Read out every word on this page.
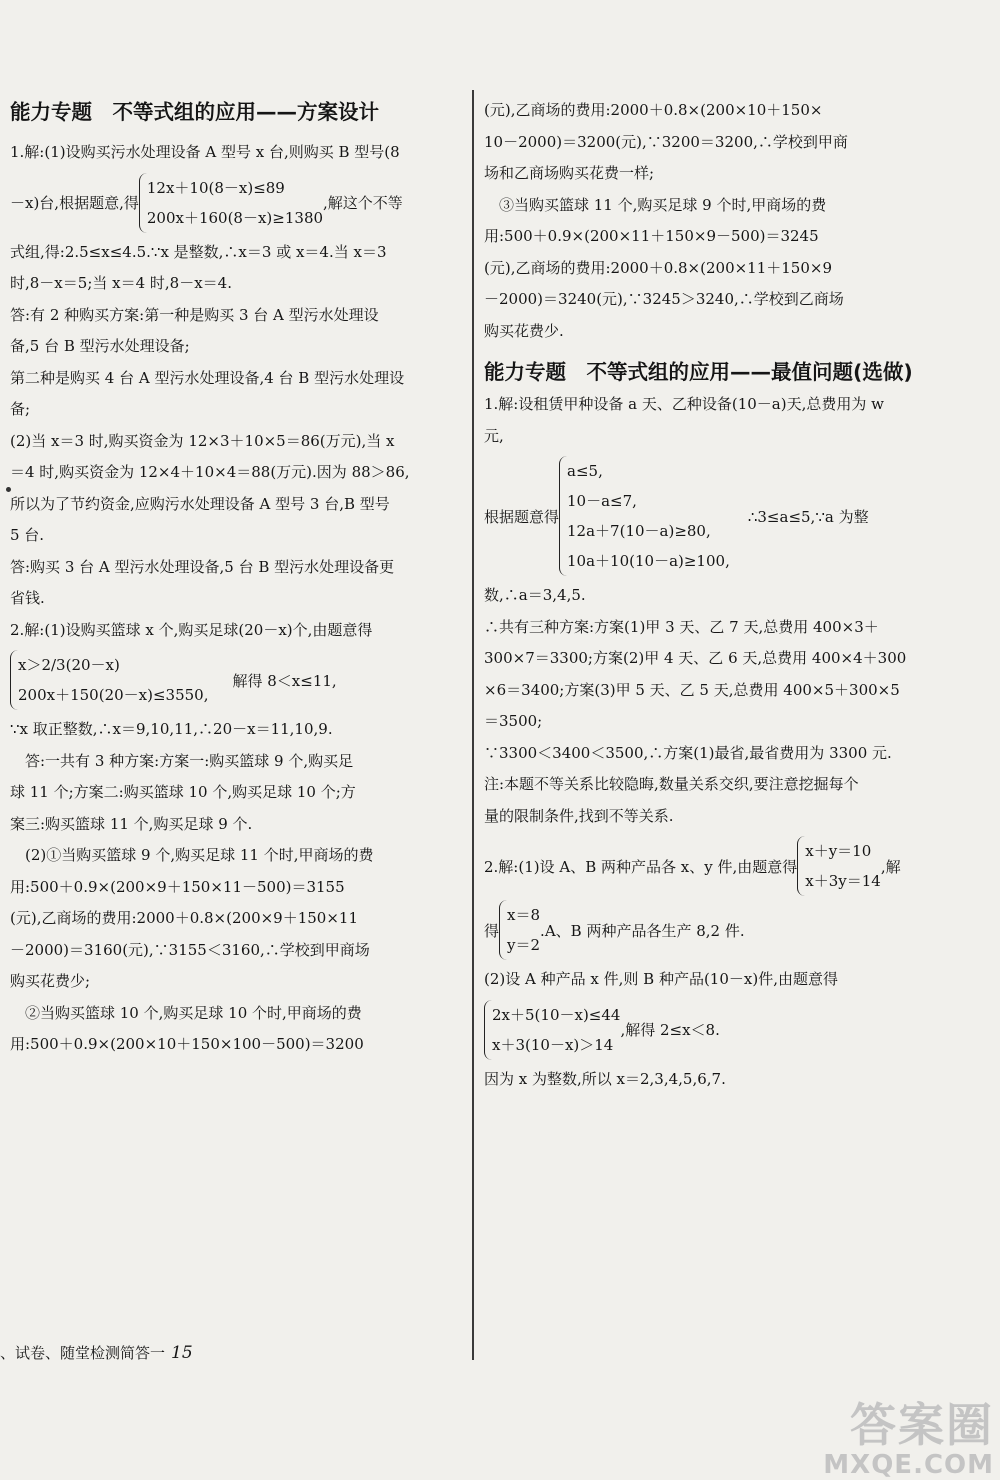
能力专题　不等式组的应用——方案设计
1.解:(1)设购买污水处理设备 A 型号 x 台,则购买 B 型号(8
－x)台,根据题意,得
12x＋10(8－x)≤89
200x＋160(8－x)≥1380
,解这个不等
式组,得:2.5≤x≤4.5.∵x 是整数,∴x＝3 或 x＝4.当 x＝3
时,8－x＝5;当 x＝4 时,8－x＝4.
答:有 2 种购买方案:第一种是购买 3 台 A 型污水处理设
备,5 台 B 型污水处理设备;
第二种是购买 4 台 A 型污水处理设备,4 台 B 型污水处理设
备;
(2)当 x＝3 时,购买资金为 12×3＋10×5＝86(万元),当 x
＝4 时,购买资金为 12×4＋10×4＝88(万元).因为 88＞86,
所以为了节约资金,应购污水处理设备 A 型号 3 台,B 型号
5 台.
答:购买 3 台 A 型污水处理设备,5 台 B 型污水处理设备更
省钱.
2.解:(1)设购买篮球 x 个,购买足球(20－x)个,由题意得
x＞2/3(20－x)
200x＋150(20－x)≤3550,
解得 8＜x≤11,
∵x 取正整数,∴x＝9,10,11,∴20－x＝11,10,9.
　答:一共有 3 种方案:方案一:购买篮球 9 个,购买足
球 11 个;方案二:购买篮球 10 个,购买足球 10 个;方
案三:购买篮球 11 个,购买足球 9 个.
　(2)①当购买篮球 9 个,购买足球 11 个时,甲商场的费
用:500＋0.9×(200×9＋150×11－500)＝3155
(元),乙商场的费用:2000＋0.8×(200×9＋150×11
－2000)＝3160(元),∵3155＜3160,∴学校到甲商场
购买花费少;
　②当购买篮球 10 个,购买足球 10 个时,甲商场的费
用:500＋0.9×(200×10＋150×100－500)＝3200
(元),乙商场的费用:2000＋0.8×(200×10＋150×
10－2000)＝3200(元),∵3200＝3200,∴学校到甲商
场和乙商场购买花费一样;
　③当购买篮球 11 个,购买足球 9 个时,甲商场的费
用:500＋0.9×(200×11＋150×9－500)＝3245
(元),乙商场的费用:2000＋0.8×(200×11＋150×9
－2000)＝3240(元),∵3245＞3240,∴学校到乙商场
购买花费少.
能力专题　不等式组的应用——最值问题(选做)
1.解:设租赁甲种设备 a 天、乙种设备(10－a)天,总费用为 w
元,
根据题意得
a≤5,
10－a≤7,
12a＋7(10－a)≥80,
10a＋10(10－a)≥100,
∴3≤a≤5,∵a 为整
数,∴a＝3,4,5.
∴共有三种方案:方案(1)甲 3 天、乙 7 天,总费用 400×3＋
300×7＝3300;方案(2)甲 4 天、乙 6 天,总费用 400×4＋300
×6＝3400;方案(3)甲 5 天、乙 5 天,总费用 400×5＋300×5
＝3500;
∵3300＜3400＜3500,∴方案(1)最省,最省费用为 3300 元.
注:本题不等关系比较隐晦,数量关系交织,要注意挖掘每个
量的限制条件,找到不等关系.
2.解:(1)设 A、B 两种产品各 x、y 件,由题意得
x＋y＝10
x＋3y＝14
,解
得
x＝8
y＝2
.A、B 两种产品各生产 8,2 件.
(2)设 A 种产品 x 件,则 B 种产品(10－x)件,由题意得
2x＋5(10－x)≤44
x＋3(10－x)＞14
,解得 2≤x＜8.
因为 x 为整数,所以 x＝2,3,4,5,6,7.
、试卷、随堂检测简答一 15
答案圈
MXQE.COM
